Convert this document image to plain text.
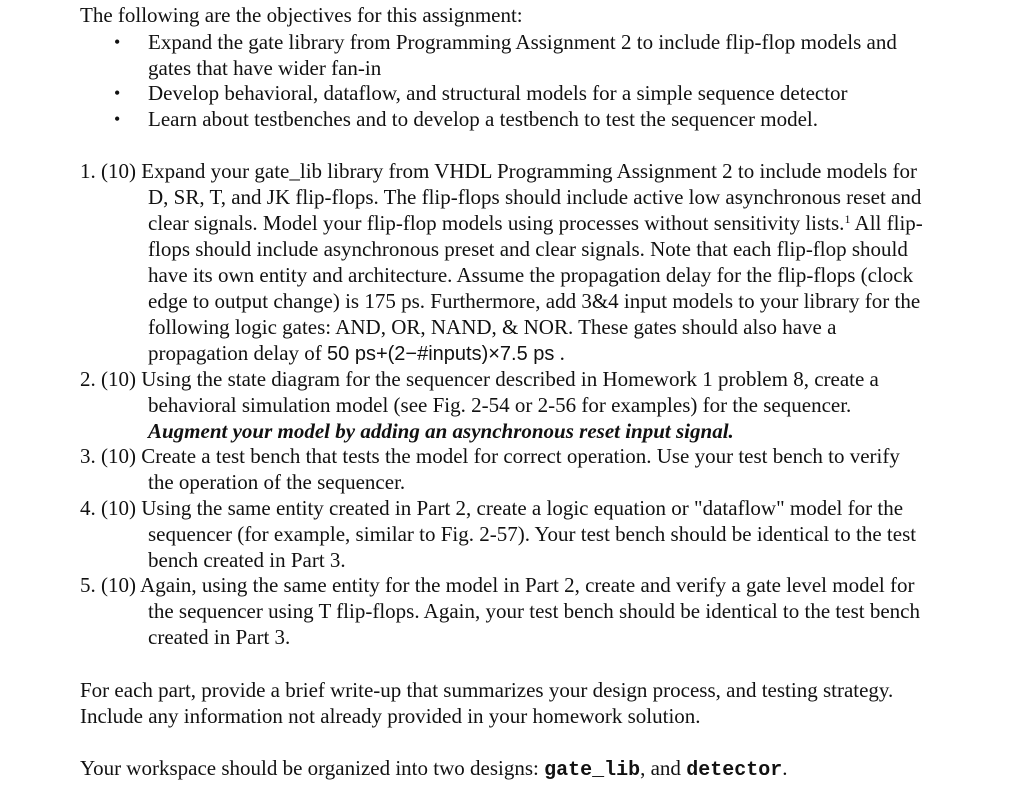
The following are the objectives for this assignment:
• Expand the gate library from Programming Assignment 2 to include flip-flop models and
gates that have wider fan-in
• Develop behavioral, dataflow, and structural models for a simple sequence detector
• Learn about testbenches and to develop a testbench to test the sequencer model.
1. (10) Expand your gate_lib library from VHDL Programming Assignment 2 to include models for
D, SR, T, and JK flip-flops. The flip-flops should include active low asynchronous reset and
clear signals. Model your flip-flop models using processes without sensitivity lists.$^1$ All flip-
flops should include asynchronous preset and clear signals. Note that each flip-flop should
have its own entity and architecture. Assume the propagation delay for the flip-flops (clock
edge to output change) is 175 ps. Furthermore, add 3&4 input models to your library for the
following logic gates: AND, OR, NAND, & NOR. These gates should also have a
propagation delay of 50 ps+(2−#inputs)×7.5 ps .
2. (10) Using the state diagram for the sequencer described in Homework 1 problem 8, create a
behavioral simulation model (see Fig. 2-54 or 2-56 for examples) for the sequencer.
Augment your model by adding an asynchronous reset input signal.
3. (10) Create a test bench that tests the model for correct operation. Use your test bench to verify
the operation of the sequencer.
4. (10) Using the same entity created in Part 2, create a logic equation or "dataflow" model for the
sequencer (for example, similar to Fig. 2-57). Your test bench should be identical to the test
bench created in Part 3.
5. (10) Again, using the same entity for the model in Part 2, create and verify a gate level model for
the sequencer using T flip-flops. Again, your test bench should be identical to the test bench
created in Part 3.
For each part, provide a brief write-up that summarizes your design process, and testing strategy.
Include any information not already provided in your homework solution.
Your workspace should be organized into two designs: gate_lib, and detector.
